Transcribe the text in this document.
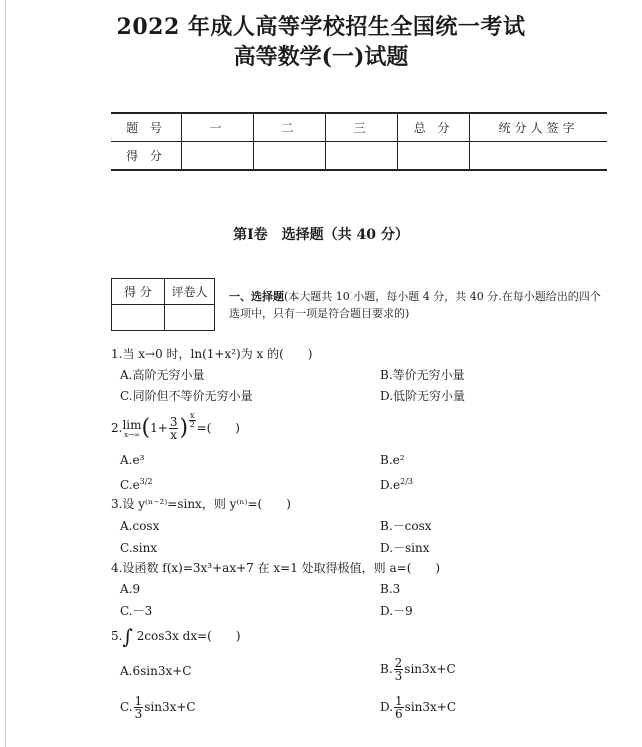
2022 年成人高等学校招生全国统一考试
高等数学(一)试题
题 号	一	二	三	总 分	统分人签字
得 分					
第Ⅰ卷　选择题（共 40 分）
得 分	评卷人
	一、选择题(本大题共 10 小题，每小题 4 分，共 40 分.在每小题给出的四个选项中，只有一项是符合题目要求的)
1.当 x→0 时，ln(1+x²)为 x 的(　　)
A.高阶无穷小量	B.等价无穷小量
C.同阶但不等价无穷小量	D.低阶无穷小量
2.lim
x→∞ ($1+ \frac{3}{x}$ ) $\frac{x}{2}$ =(　　)
A.e³	B.e²
$C.e^{3/2}$	$D.e^{2/3}$
3.设 y⁽ⁿ⁻²⁾=sinx，则 y⁽ⁿ⁾=(　　)
A.cosx	B.－cosx
C.sinx	D.－sinx
4.设函数 f(x)=3x³+ax+7 在 x=1 处取得极值，则 a=(　　)
A.9	B.3
C.－3	D.－9
5.∫ 2cos3x dx=(　　)
A.6sin3x+C	B. $\frac{2}{3} \sin 3x+C$
C. $\frac{1}{3} \sin 3x+C$	D. $\frac{1}{6} \sin 3x+C$
